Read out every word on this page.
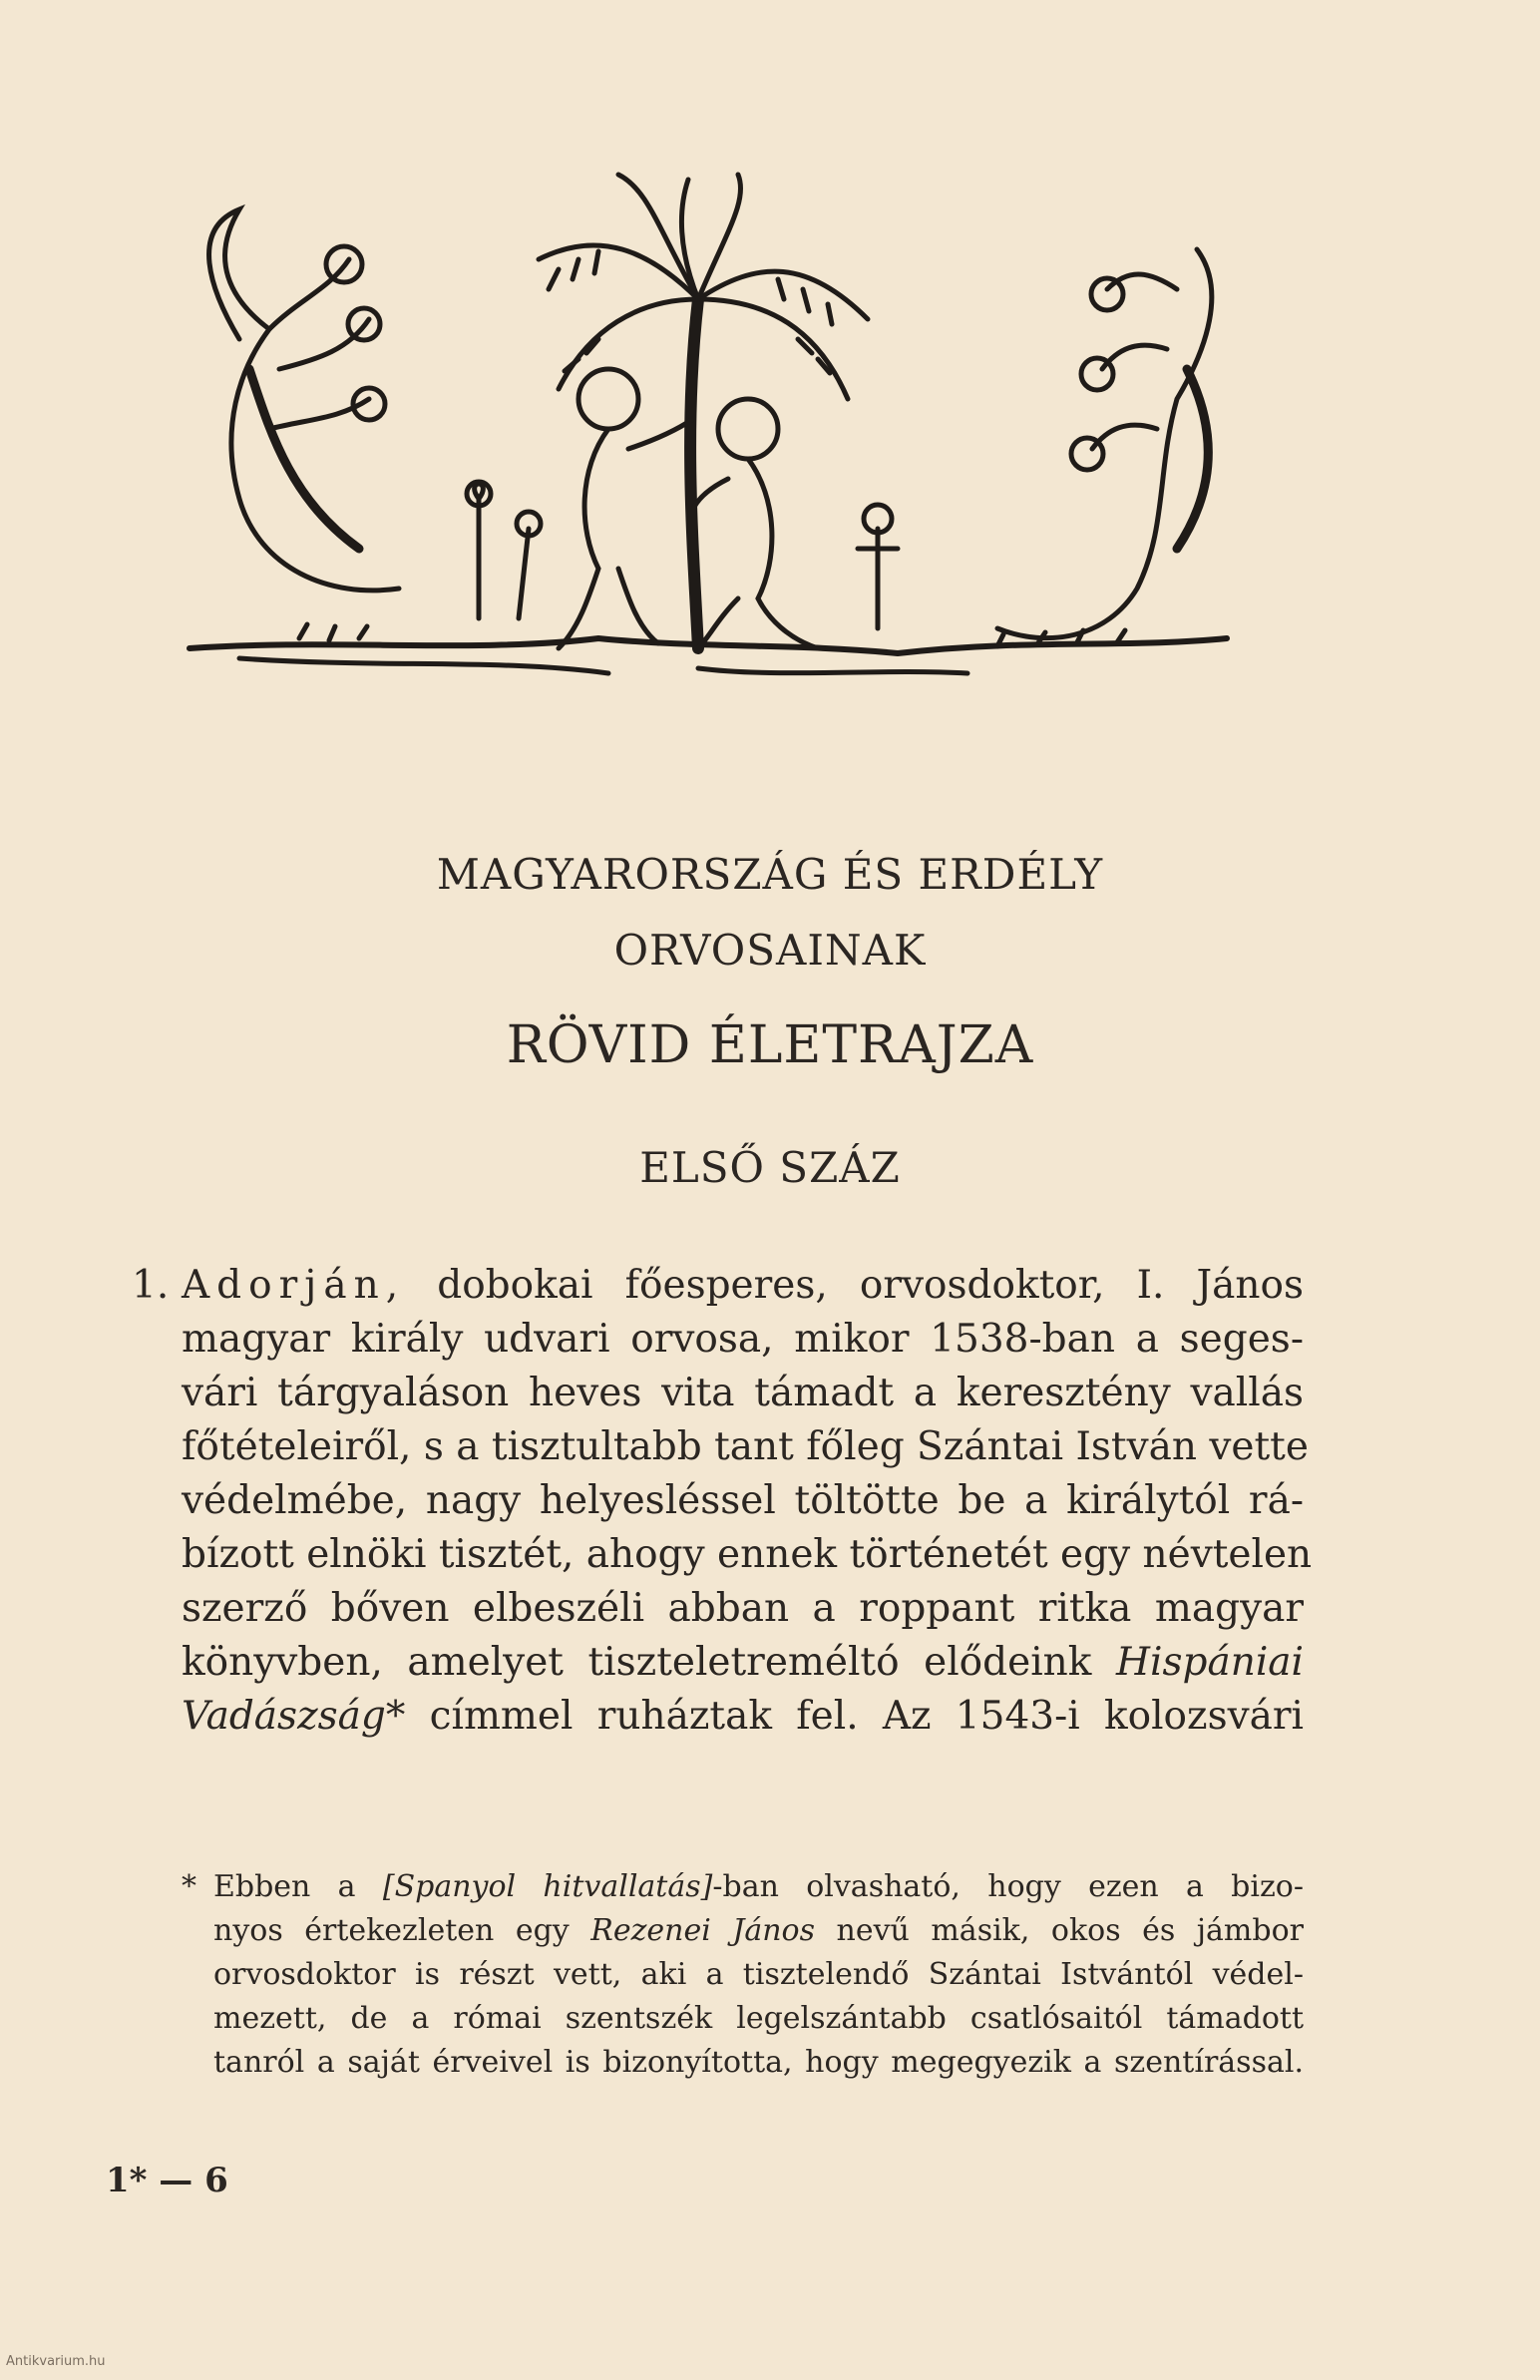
MAGYARORSZÁG ÉS ERDÉLY
ORVOSAINAK
RÖVID ÉLETRAJZA
ELSŐ SZÁZ
1. Adorján, dobokai főesperes, orvosdoktor, I. János
magyar király udvari orvosa, mikor 1538-ban a seges-
vári tárgyaláson heves vita támadt a keresztény vallás
főtételeiről, s a tisztultabb tant főleg Szántai István vette
védelmébe, nagy helyesléssel töltötte be a királytól rá-
bízott elnöki tisztét, ahogy ennek történetét egy névtelen
szerző bőven elbeszéli abban a roppant ritka magyar
könyvben, amelyet tiszteletreméltó elődeink Hispániai
Vadászság* címmel ruháztak fel. Az 1543-i kolozsvári
* Ebben a [Spanyol hitvallatás]-ban olvasható, hogy ezen a bizo-
nyos értekezleten egy Rezenei János nevű másik, okos és jámbor
orvosdoktor is részt vett, aki a tisztelendő Szántai Istvántól védel-
mezett, de a római szentszék legelszántabb csatlósaitól támadott
tanról a saját érveivel is bizonyította, hogy megegyezik a szentírással.
1* — 6
Antikvarium.hu
